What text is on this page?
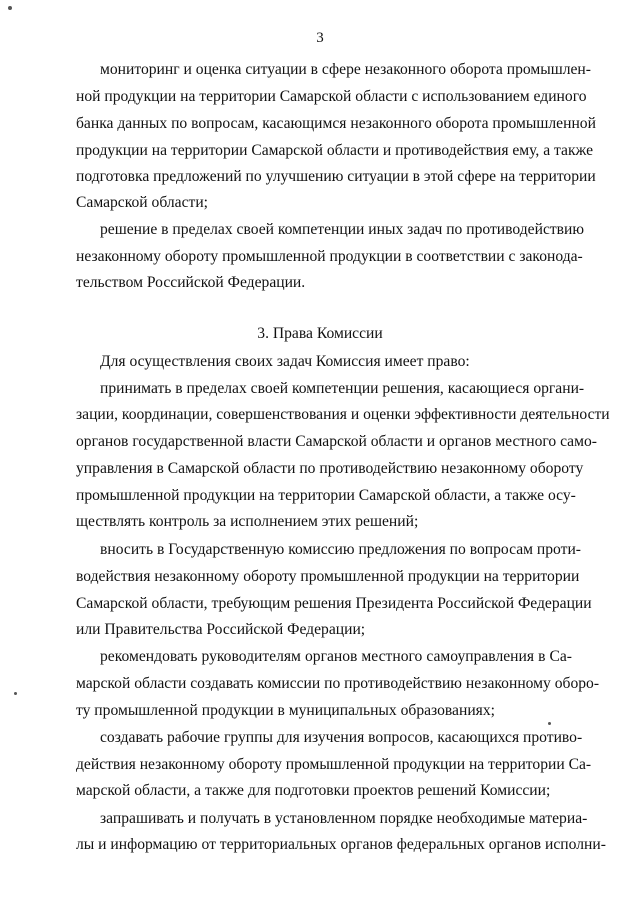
3
мониторинг и оценка ситуации в сфере незаконного оборота промышлен-
ной продукции на территории Самарской области с использованием единого
банка данных по вопросам, касающимся незаконного оборота промышленной
продукции на территории Самарской области и противодействия ему, а также
подготовка предложений по улучшению ситуации в этой сфере на территории
Самарской области;
решение в пределах своей компетенции иных задач по противодействию
незаконному обороту промышленной продукции в соответствии с законода-
тельством Российской Федерации.
3. Права Комиссии
Для осуществления своих задач Комиссия имеет право:
принимать в пределах своей компетенции решения, касающиеся органи-
зации, координации, совершенствования и оценки эффективности деятельности
органов государственной власти Самарской области и органов местного само-
управления в Самарской области по противодействию незаконному обороту
промышленной продукции на территории Самарской области, а также осу-
ществлять контроль за исполнением этих решений;
вносить в Государственную комиссию предложения по вопросам проти-
водействия незаконному обороту промышленной продукции на территории
Самарской области, требующим решения Президента Российской Федерации
или Правительства Российской Федерации;
рекомендовать руководителям органов местного самоуправления в Са-
марской области создавать комиссии по противодействию незаконному оборо-
ту промышленной продукции в муниципальных образованиях;
создавать рабочие группы для изучения вопросов, касающихся противо-
действия незаконному обороту промышленной продукции на территории Са-
марской области, а также для подготовки проектов решений Комиссии;
запрашивать и получать в установленном порядке необходимые материа-
лы и информацию от территориальных органов федеральных органов исполни-
